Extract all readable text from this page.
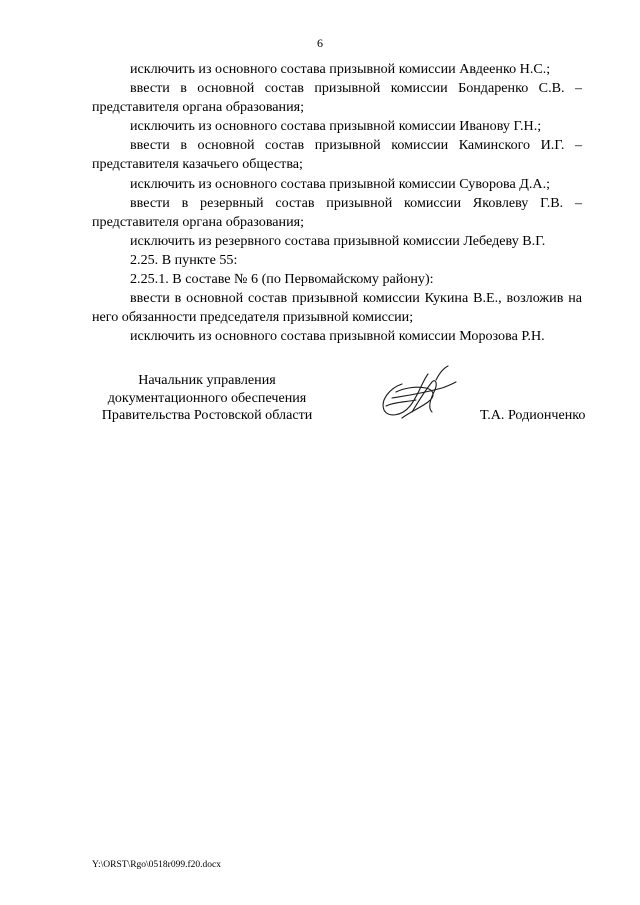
6

исключить из основного состава призывной комиссии Авдеенко Н.С.;

ввести в основной состав призывной комиссии Бондаренко С.В. – представителя органа образования;

исключить из основного состава призывной комиссии Иванову Г.Н.;

ввести в основной состав призывной комиссии Каминского И.Г. – представителя казачьего общества;

исключить из основного состава призывной комиссии Суворова Д.А.;

ввести в резервный состав призывной комиссии Яковлеву Г.В. – представителя органа образования;

исключить из резервного состава призывной комиссии Лебедеву В.Г.

2.25. В пункте 55:

2.25.1. В составе № 6 (по Первомайскому району):

ввести в основной состав призывной комиссии Кукина В.Е., возложив на него обязанности председателя призывной комиссии;

исключить из основного состава призывной комиссии Морозова Р.Н.

Начальник управления
документационного обеспечения
Правительства Ростовской области	Т.А. Родионченко
Y:\ORST\Rgo\0518r099.f20.docx
